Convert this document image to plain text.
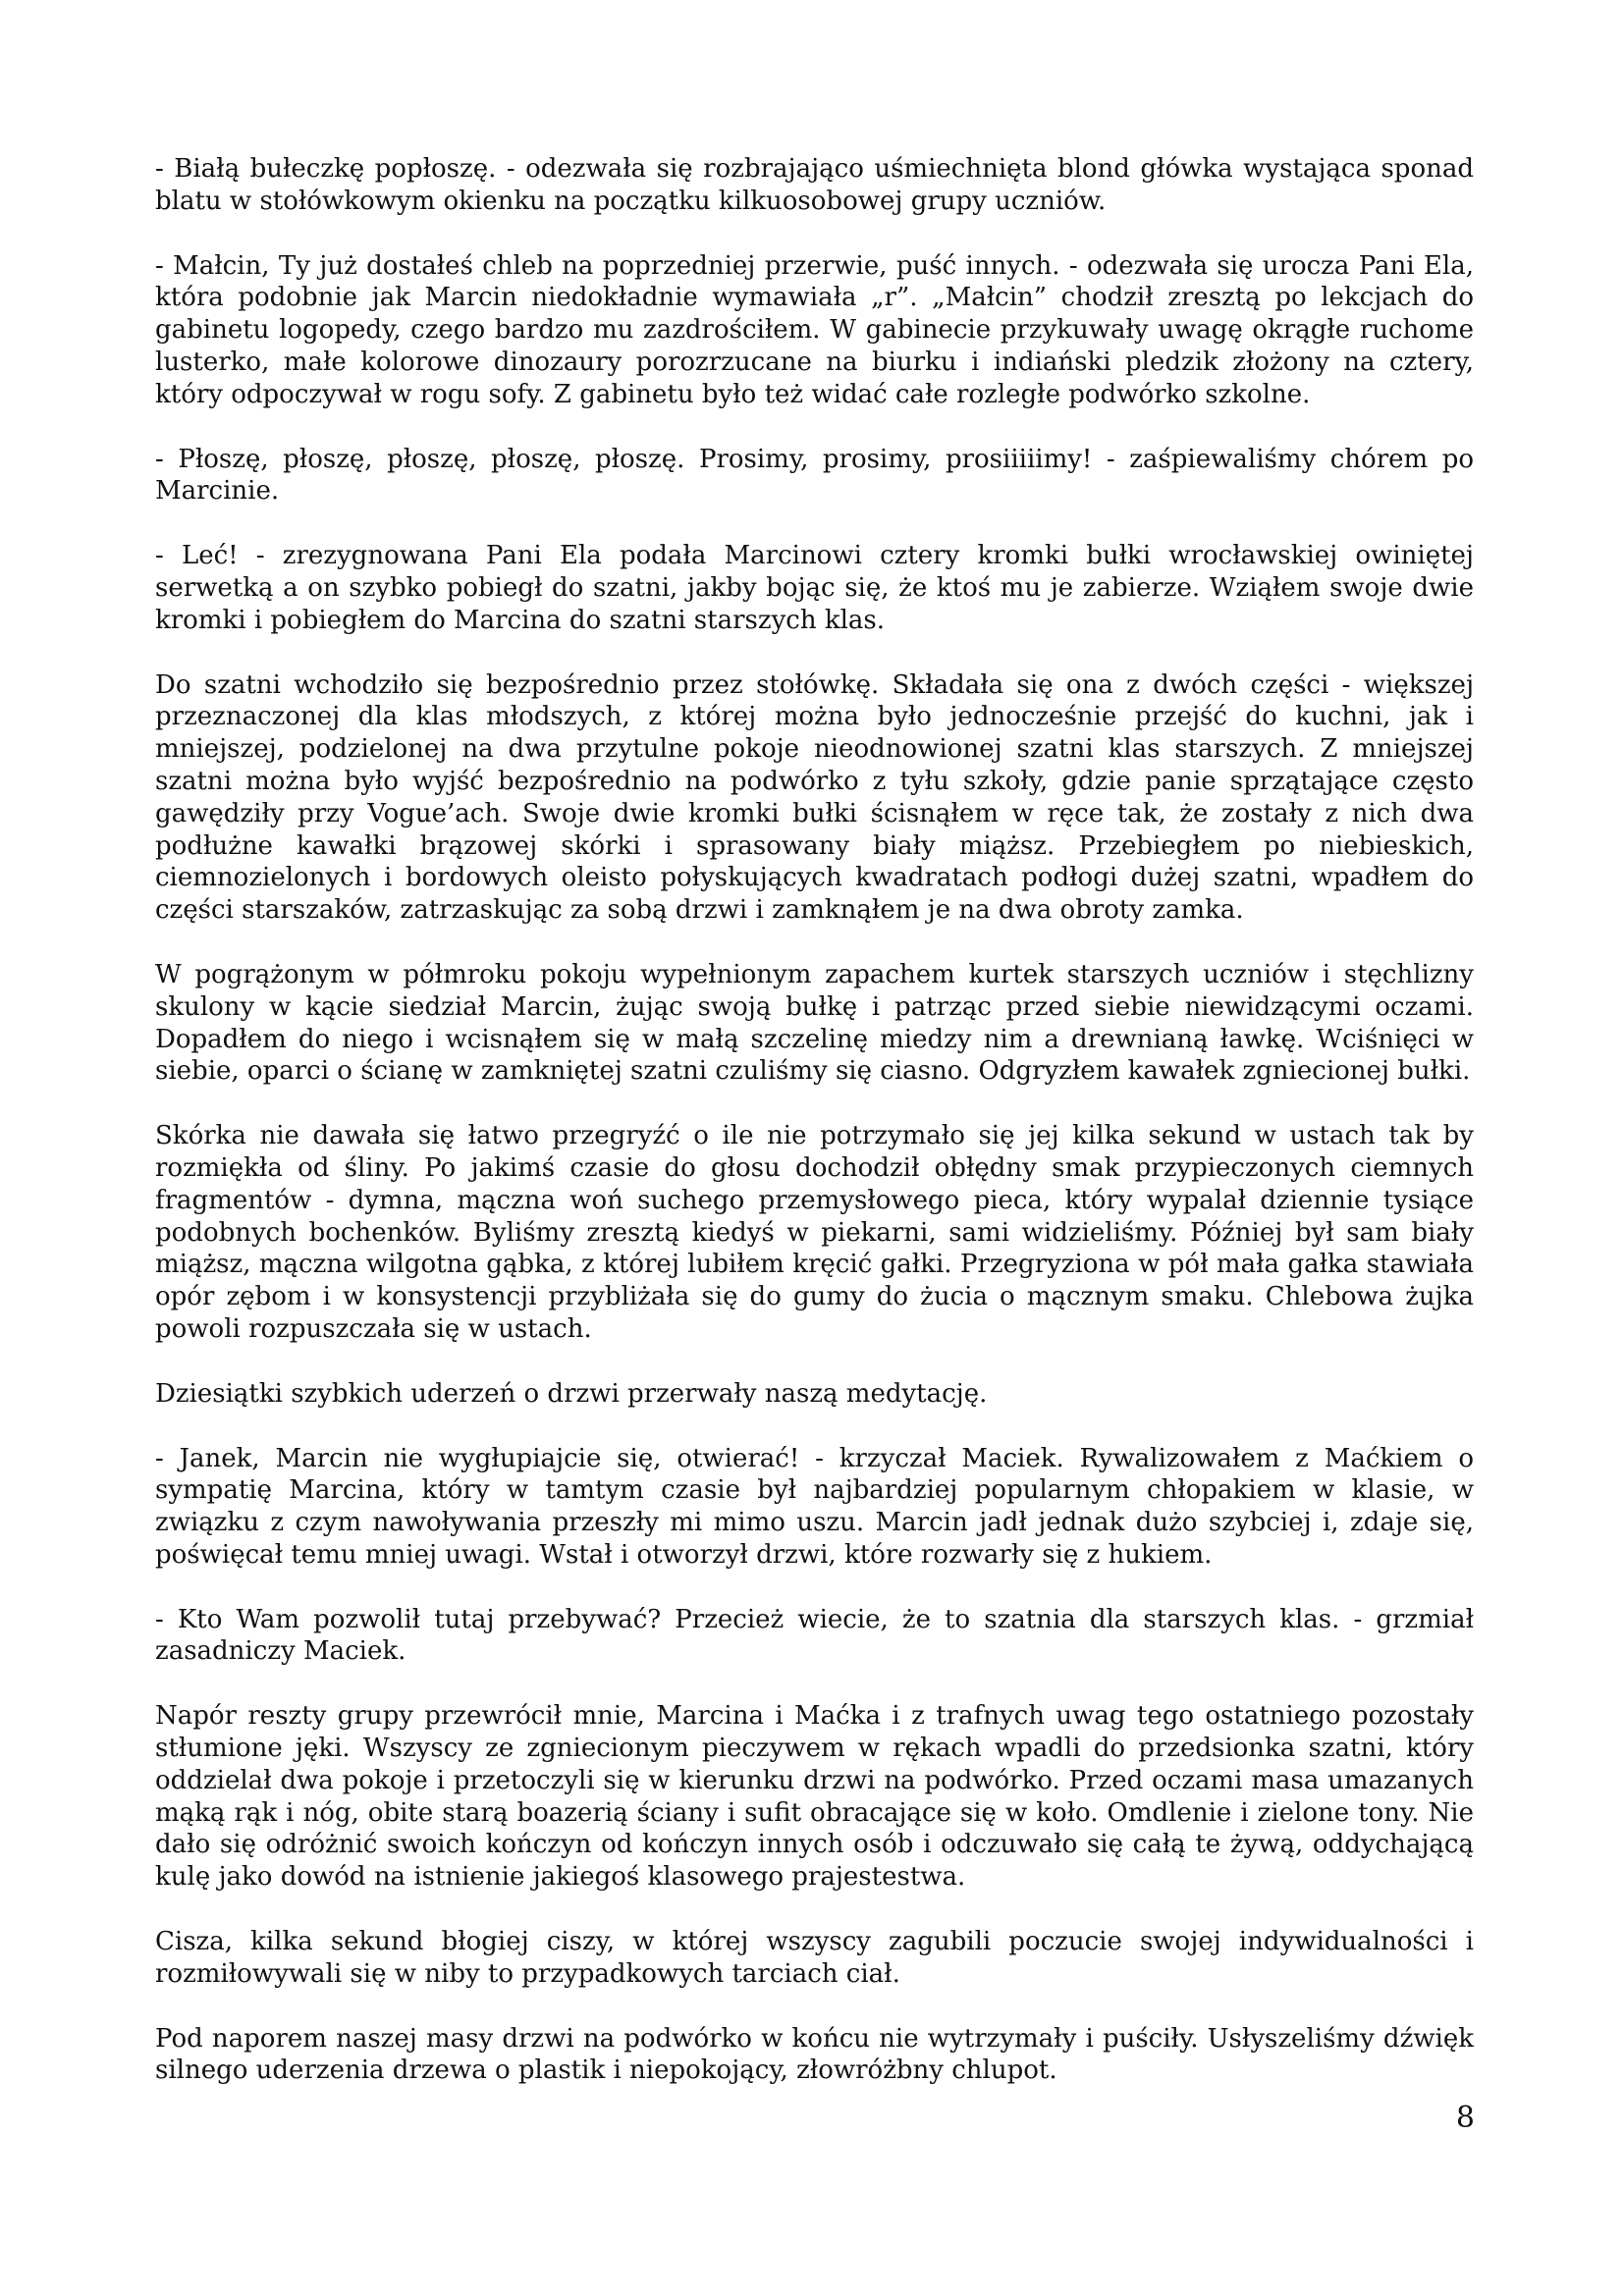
- Białą bułeczkę popłoszę. - odezwała się rozbrajająco uśmiechnięta blond główka wystająca sponad blatu w stołówkowym okienku na początku kilkuosobowej grupy uczniów.

- Małcin, Ty już dostałeś chleb na poprzedniej przerwie, puść innych. - odezwała się urocza Pani Ela, która podobnie jak Marcin niedokładnie wymawiała „r”. „Małcin” chodził zresztą po lekcjach do gabinetu logopedy, czego bardzo mu zazdrościłem. W gabinecie przykuwały uwagę okrągłe ruchome lusterko, małe kolorowe dinozaury porozrzucane na biurku i indiański pledzik złożony na cztery, który odpoczywał w rogu sofy. Z gabinetu było też widać całe rozległe podwórko szkolne.

- Płoszę, płoszę, płoszę, płoszę, płoszę. Prosimy, prosimy, prosiiiiimy! - zaśpiewaliśmy chórem po Marcinie.

- Leć! - zrezygnowana Pani Ela podała Marcinowi cztery kromki bułki wrocławskiej owiniętej serwetką a on szybko pobiegł do szatni, jakby bojąc się, że ktoś mu je zabierze. Wziąłem swoje dwie kromki i pobiegłem do Marcina do szatni starszych klas.

Do szatni wchodziło się bezpośrednio przez stołówkę. Składała się ona z dwóch części - większej przeznaczonej dla klas młodszych, z której można było jednocześnie przejść do kuchni, jak i mniejszej, podzielonej na dwa przytulne pokoje nieodnowionej szatni klas starszych. Z mniejszej szatni można było wyjść bezpośrednio na podwórko z tyłu szkoły, gdzie panie sprzątające często gawędziły przy Vogue’ach. Swoje dwie kromki bułki ścisnąłem w ręce tak, że zostały z nich dwa podłużne kawałki brązowej skórki i sprasowany biały miąższ. Przebiegłem po niebieskich, ciemnozielonych i bordowych oleisto połyskujących kwadratach podłogi dużej szatni, wpadłem do części starszaków, zatrzaskując za sobą drzwi i zamknąłem je na dwa obroty zamka.

W pogrążonym w półmroku pokoju wypełnionym zapachem kurtek starszych uczniów i stęchlizny skulony w kącie siedział Marcin, żując swoją bułkę i patrząc przed siebie niewidzącymi oczami. Dopadłem do niego i wcisnąłem się w małą szczelinę miedzy nim a drewnianą ławkę. Wciśnięci w siebie, oparci o ścianę w zamkniętej szatni czuliśmy się ciasno. Odgryzłem kawałek zgniecionej bułki.

Skórka nie dawała się łatwo przegryźć o ile nie potrzymało się jej kilka sekund w ustach tak by rozmiękła od śliny. Po jakimś czasie do głosu dochodził obłędny smak przypieczonych ciemnych fragmentów - dymna, mączna woń suchego przemysłowego pieca, który wypalał dziennie tysiące podobnych bochenków. Byliśmy zresztą kiedyś w piekarni, sami widzieliśmy. Później był sam biały miąższ, mączna wilgotna gąbka, z której lubiłem kręcić gałki. Przegryziona w pół mała gałka stawiała opór zębom i w konsystencji przybliżała się do gumy do żucia o mącznym smaku. Chlebowa żujka powoli rozpuszczała się w ustach.

Dziesiątki szybkich uderzeń o drzwi przerwały naszą medytację.

- Janek, Marcin nie wygłupiajcie się, otwierać! - krzyczał Maciek. Rywalizowałem z Maćkiem o sympatię Marcina, który w tamtym czasie był najbardziej popularnym chłopakiem w klasie, w związku z czym nawoływania przeszły mi mimo uszu. Marcin jadł jednak dużo szybciej i, zdaje się, poświęcał temu mniej uwagi. Wstał i otworzył drzwi, które rozwarły się z hukiem.

- Kto Wam pozwolił tutaj przebywać? Przecież wiecie, że to szatnia dla starszych klas. - grzmiał zasadniczy Maciek.

Napór reszty grupy przewrócił mnie, Marcina i Maćka i z trafnych uwag tego ostatniego pozostały stłumione jęki. Wszyscy ze zgniecionym pieczywem w rękach wpadli do przedsionka szatni, który oddzielał dwa pokoje i przetoczyli się w kierunku drzwi na podwórko. Przed oczami masa umazanych mąką rąk i nóg, obite starą boazerią ściany i sufit obracające się w koło. Omdlenie i zielone tony. Nie dało się odróżnić swoich kończyn od kończyn innych osób i odczuwało się całą te żywą, oddychającą kulę jako dowód na istnienie jakiegoś klasowego prajestestwa.

Cisza, kilka sekund błogiej ciszy, w której wszyscy zagubili poczucie swojej indywidualności i rozmiłowywali się w niby to przypadkowych tarciach ciał.

Pod naporem naszej masy drzwi na podwórko w końcu nie wytrzymały i puściły. Usłyszeliśmy dźwięk silnego uderzenia drzewa o plastik i niepokojący, złowróżbny chlupot.

8
